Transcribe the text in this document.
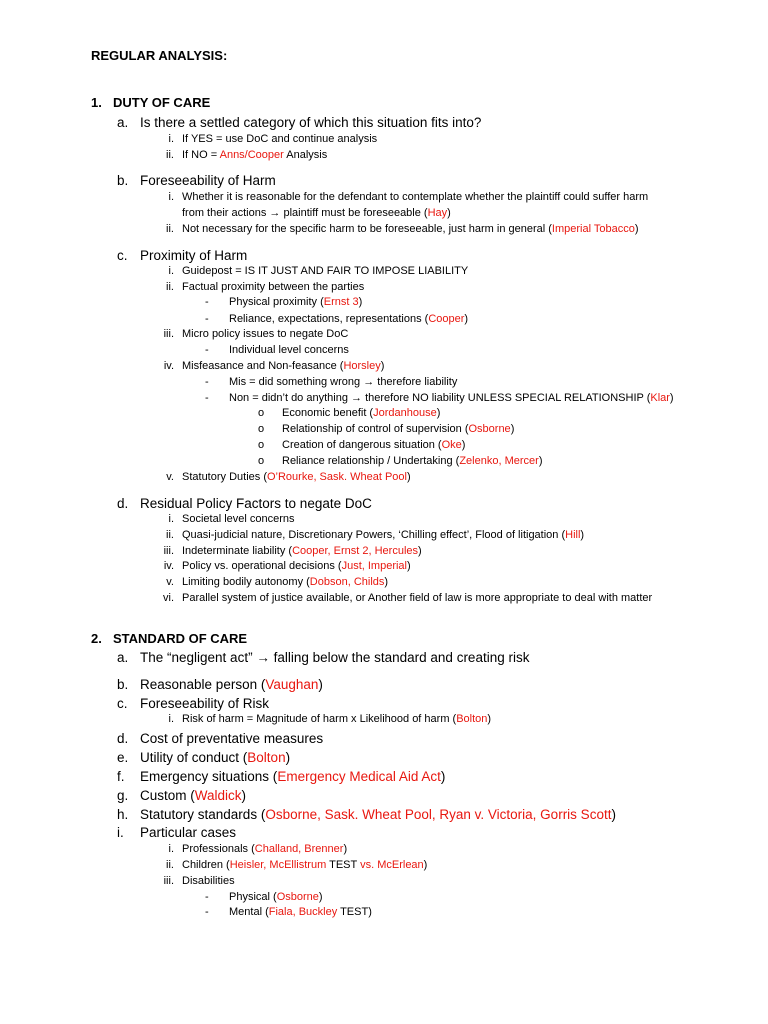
REGULAR ANALYSIS:
1. DUTY OF CARE
a. Is there a settled category of which this situation fits into?
i. If YES = use DoC and continue analysis
ii. If NO = Anns/Cooper Analysis
b. Foreseeability of Harm
i. Whether it is reasonable for the defendant to contemplate whether the plaintiff could suffer harm
from their actions → plaintiff must be foreseeable (Hay)
ii. Not necessary for the specific harm to be foreseeable, just harm in general (Imperial Tobacco)
c. Proximity of Harm
i. Guidepost = IS IT JUST AND FAIR TO IMPOSE LIABILITY
ii. Factual proximity between the parties
- Physical proximity (Ernst 3)
- Reliance, expectations, representations (Cooper)
iii. Micro policy issues to negate DoC
- Individual level concerns
iv. Misfeasance and Non-feasance (Horsley)
- Mis = did something wrong → therefore liability
- Non = didn’t do anything → therefore NO liability UNLESS SPECIAL RELATIONSHIP (Klar)
o Economic benefit (Jordanhouse)
o Relationship of control of supervision (Osborne)
o Creation of dangerous situation (Oke)
o Reliance relationship / Undertaking (Zelenko, Mercer)
v. Statutory Duties (O’Rourke, Sask. Wheat Pool)
d. Residual Policy Factors to negate DoC
i. Societal level concerns
ii. Quasi-judicial nature, Discretionary Powers, ‘Chilling effect’, Flood of litigation (Hill)
iii. Indeterminate liability (Cooper, Ernst 2, Hercules)
iv. Policy vs. operational decisions (Just, Imperial)
v. Limiting bodily autonomy (Dobson, Childs)
vi. Parallel system of justice available, or Another field of law is more appropriate to deal with matter
2. STANDARD OF CARE
a. The “negligent act” → falling below the standard and creating risk
b. Reasonable person (Vaughan)
c. Foreseeability of Risk
i. Risk of harm = Magnitude of harm x Likelihood of harm (Bolton)
d. Cost of preventative measures
e. Utility of conduct (Bolton)
f. Emergency situations (Emergency Medical Aid Act)
g. Custom (Waldick)
h. Statutory standards (Osborne, Sask. Wheat Pool, Ryan v. Victoria, Gorris Scott)
i. Particular cases
i. Professionals (Challand, Brenner)
ii. Children (Heisler, McEllistrum TEST vs. McErlean)
iii. Disabilities
- Physical (Osborne)
- Mental (Fiala, Buckley TEST)
